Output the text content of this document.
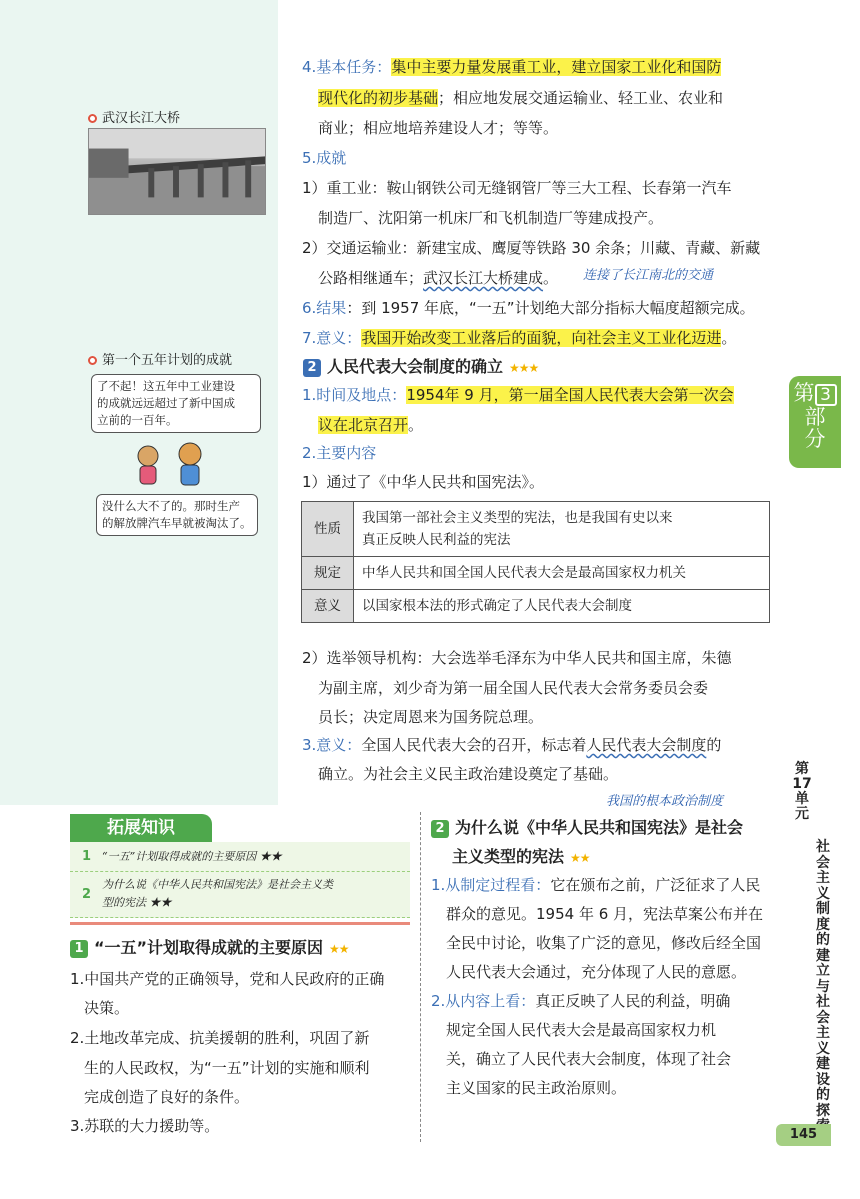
武汉长江大桥
第一个五年计划的成就
了不起！这五年中工业建设
的成就远远超过了新中国成
立前的一百年。
没什么大不了的。那时生产
的解放牌汽车早就被淘汰了。
第 3
部
分
第
17
单
元
社
会
主
义
制
度
的
建
立
与
社
会
主
义
建
设
的
探
145
4.基本任务：集中主要力量发展重工业，建立国家工业化和国防
现代化的初步基础；相应地发展交通运输业、轻工业、农业和
商业；相应地培养建设人才；等等。
5.成就
1）重工业：鞍山钢铁公司无缝钢管厂等三大工程、长春第一汽车
制造厂、沈阳第一机床厂和飞机制造厂等建成投产。
2）交通运输业：新建宝成、鹰厦等铁路 30 余条；川藏、青藏、新藏
公路相继通车；武汉长江大桥建成。 连接了长江南北的交通
6.结果：到 1957 年底，“一五”计划绝大部分指标大幅度超额完成。
7.意义：我国开始改变工业落后的面貌，向社会主义工业化迈进。
2 人民代表大会制度的确立 ★★★
1.时间及地点：1954年 9 月，第一届全国人民代表大会第一次会
议在北京召开。
2.主要内容
1）通过了《中华人民共和国宪法》。
性质	我国第一部社会主义类型的宪法，也是我国有史以来
真正反映人民利益的宪法

规定	中华人民共和国全国人民代表大会是最高国家权力机关
意义	以国家根本法的形式确定了人民代表大会制度
2）选举领导机构：大会选举毛泽东为中华人民共和国主席，朱德
为副主席，刘少奇为第一届全国人民代表大会常务委员会委
员长；决定周恩来为国务院总理。
3.意义：全国人民代表大会的召开，标志着人民代表大会制度的
确立。为社会主义民主政治建设奠定了基础。
我国的根本政治制度
拓展知识
1 “一五”计划取得成就的主要原因 ★★
2
为什么说《中华人民共和国宪法》是社会主义类
型的宪法 ★★
1 “一五”计划取得成就的主要原因 ★★
1.中国共产党的正确领导，党和人民政府的正确
决策。
2.土地改革完成、抗美援朝的胜利，巩固了新
生的人民政权，为“一五”计划的实施和顺利
完成创造了良好的条件。
3.苏联的大力援助等。
2 为什么说《中华人民共和国宪法》是社会
主义类型的宪法 ★★
1.从制定过程看：它在颁布之前，广泛征求了人民
群众的意见。1954 年 6 月，宪法草案公布并在
全民中讨论，收集了广泛的意见，修改后经全国
人民代表大会通过，充分体现了人民的意愿。
2.从内容上看：真正反映了人民的利益，明确
规定全国人民代表大会是最高国家权力机
关，确立了人民代表大会制度，体现了社会
主义国家的民主政治原则。
